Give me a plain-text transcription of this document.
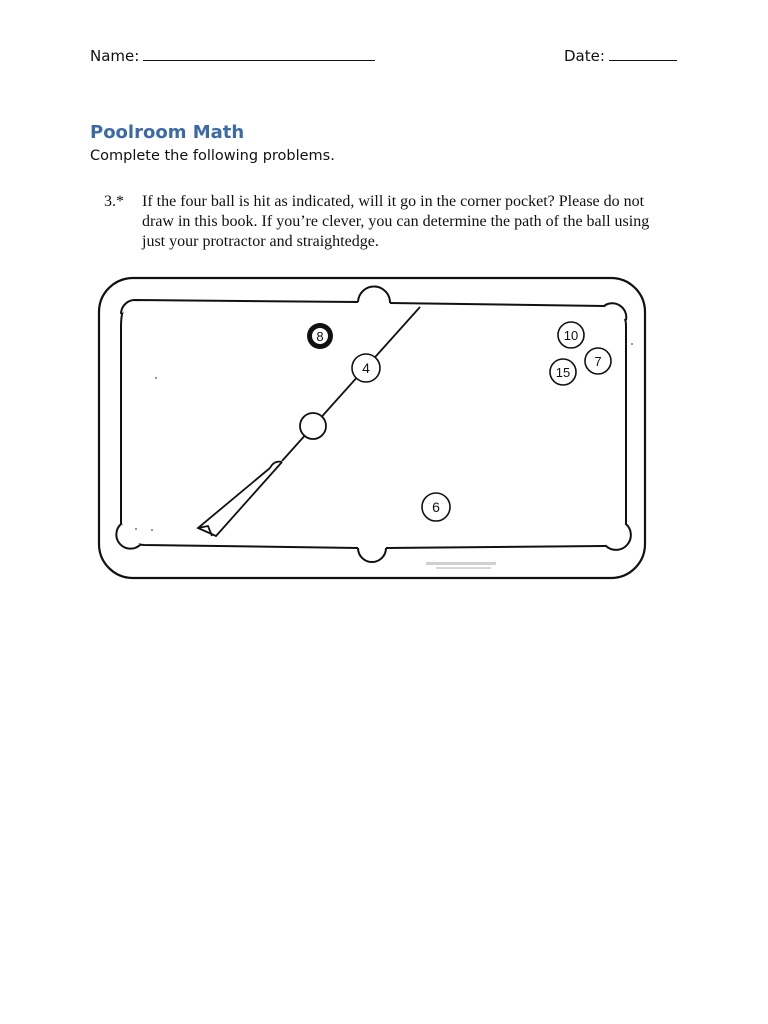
Name:	Date:
Poolroom Math
Complete the following problems.
3.* If the four ball is hit as indicated, will it go in the corner pocket? Please do not
draw in this book. If you’re clever, you can determine the path of the ball using
just your protractor and straightedge.
8
4
10
7
15
6
